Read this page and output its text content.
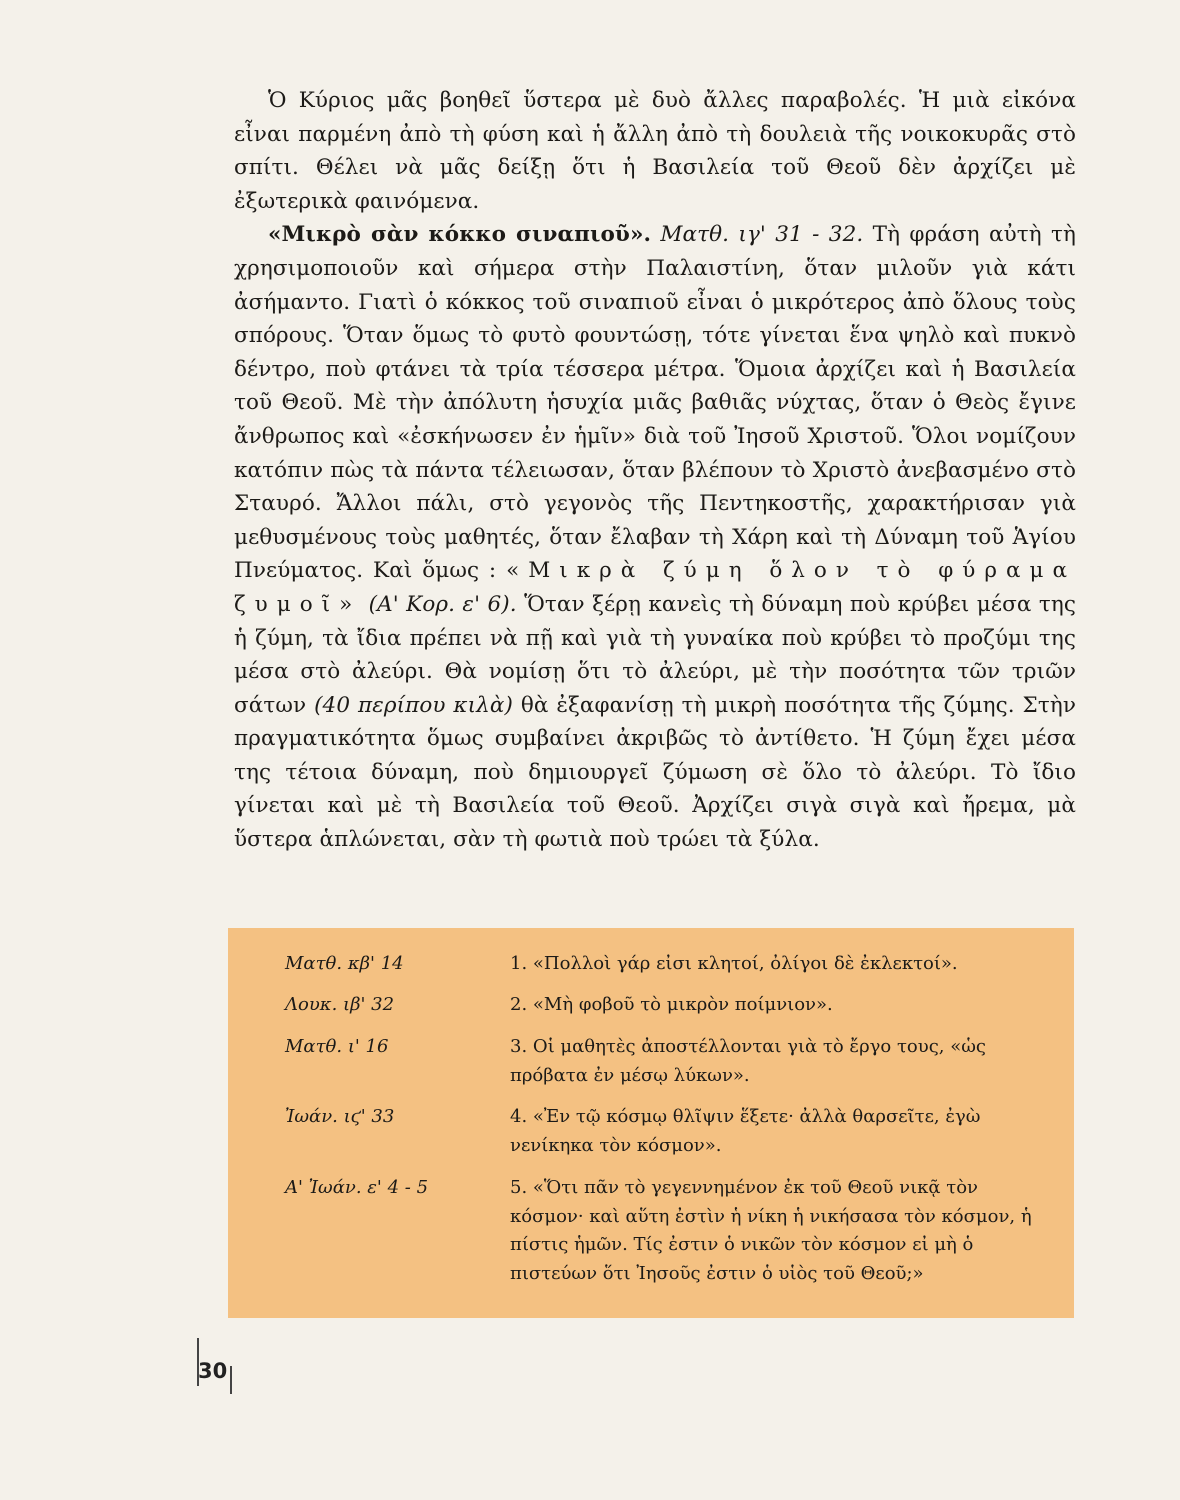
Ὁ Κύριος μᾶς βοηθεῖ ὕστερα μὲ δυὸ ἄλλες παραβολές. Ἡ μιὰ εἰκόνα εἶναι παρμένη ἀπὸ τὴ φύση καὶ ἡ ἄλλη ἀπὸ τὴ δουλειὰ τῆς νοικοκυρᾶς στὸ σπίτι. Θέλει νὰ μᾶς δείξῃ ὅτι ἡ Βασιλεία τοῦ Θεοῦ δὲν ἀρχίζει μὲ ἐξωτερικὰ φαινόμενα.

«Μικρὸ σὰν κόκκο σιναπιοῦ». Ματθ. ιγ' 31 - 32. Τὴ φράση αὐτὴ τὴ χρησιμοποιοῦν καὶ σήμερα στὴν Παλαιστίνη, ὅταν μιλοῦν γιὰ κάτι ἀσήμαντο. Γιατὶ ὁ κόκκος τοῦ σιναπιοῦ εἶναι ὁ μικρότερος ἀπὸ ὅλους τοὺς σπόρους. Ὅταν ὅμως τὸ φυτὸ φουντώσῃ, τότε γίνεται ἕνα ψηλὸ καὶ πυκνὸ δέντρο, ποὺ φτάνει τὰ τρία τέσσερα μέτρα. Ὅμοια ἀρχίζει καὶ ἡ Βασιλεία τοῦ Θεοῦ. Μὲ τὴν ἀπόλυτη ἡσυχία μιᾶς βαθιᾶς νύχτας, ὅταν ὁ Θεὸς ἔγινε ἄνθρωπος καὶ «ἐσκήνωσεν ἐν ἡμῖν» διὰ τοῦ Ἰησοῦ Χριστοῦ. Ὅλοι νομίζουν κατόπιν πὼς τὰ πάντα τέλειωσαν, ὅταν βλέπουν τὸ Χριστὸ ἀνεβασμένο στὸ Σταυρό. Ἄλλοι πάλι, στὸ γεγονὸς τῆς Πεντηκοστῆς, χαρακτήρισαν γιὰ μεθυσμένους τοὺς μαθητές, ὅταν ἔλαβαν τὴ Χάρη καὶ τὴ Δύναμη τοῦ Ἁγίου Πνεύματος. Καὶ ὅμως : «Μικρὰ ζύμη ὅλον τὸ φύραμα ζυμοῖ» (Α' Κορ. ε' 6). Ὅταν ξέρῃ κανεὶς τὴ δύναμη ποὺ κρύβει μέσα της ἡ ζύμη, τὰ ἴδια πρέπει νὰ πῇ καὶ γιὰ τὴ γυναίκα ποὺ κρύβει τὸ προζύμι της μέσα στὸ ἀλεύρι. Θὰ νομίσῃ ὅτι τὸ ἀλεύρι, μὲ τὴν ποσότητα τῶν τριῶν σάτων (40 περίπου κιλὰ) θὰ ἐξαφανίσῃ τὴ μικρὴ ποσότητα τῆς ζύμης. Στὴν πραγματικότητα ὅμως συμβαίνει ἀκριβῶς τὸ ἀντίθετο. Ἡ ζύμη ἔχει μέσα της τέτοια δύναμη, ποὺ δημιουργεῖ ζύμωση σὲ ὅλο τὸ ἀλεύρι. Τὸ ἴδιο γίνεται καὶ μὲ τὴ Βασιλεία τοῦ Θεοῦ. Ἀρχίζει σιγὰ σιγὰ καὶ ἤρεμα, μὰ ὕστερα ἁπλώνεται, σὰν τὴ φωτιὰ ποὺ τρώει τὰ ξύλα.

Ματθ. κβ' 14	1. «Πολλοὶ γάρ εἰσι κλητοί, ὀλίγοι δὲ ἐκλεκτοί».
Λουκ. ιβ' 32	2. «Μὴ φοβοῦ τὸ μικρὸν ποίμνιον».
Ματθ. ι' 16	3. Οἱ μαθητὲς ἀποστέλλονται γιὰ τὸ ἔργο τους, «ὡς πρόβατα ἐν μέσῳ λύκων».
Ἰωάν. ιϛ' 33	4. «Ἐν τῷ κόσμῳ θλῖψιν ἕξετε· ἀλλὰ θαρσεῖτε, ἐγὼ νενίκηκα τὸν κόσμον».
Α' Ἰωάν. ε' 4 - 5	5. «Ὅτι πᾶν τὸ γεγεννημένον ἐκ τοῦ Θεοῦ νικᾷ τὸν κόσμον· καὶ αὕτη ἐστὶν ἡ νίκη ἡ νικήσασα τὸν κόσμον, ἡ πίστις ἡμῶν. Τίς ἐστιν ὁ νικῶν τὸν κόσμον εἰ μὴ ὁ πιστεύων ὅτι Ἰησοῦς ἐστιν ὁ υἱὸς τοῦ Θεοῦ;»
30
